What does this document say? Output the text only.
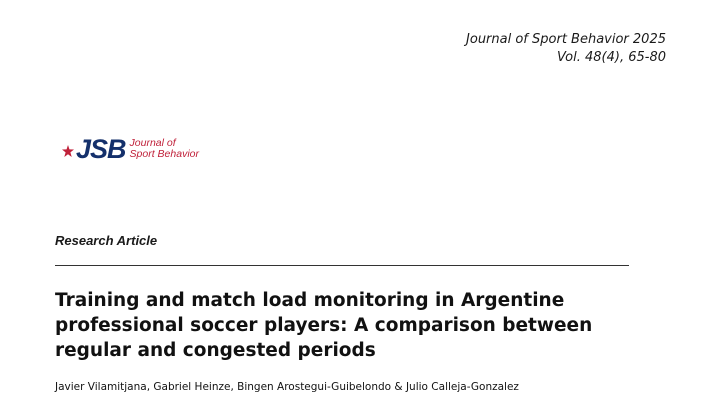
Journal of Sport Behavior 2025
Vol. 48(4), 65-80
JSB Journal of
Sport Behavior
Research Article
Training and match load monitoring in Argentine
professional soccer players: A comparison between
regular and congested periods
Javier Vilamitjana, Gabriel Heinze, Bingen Arostegui-Guibelondo & Julio Calleja-Gonzalez
